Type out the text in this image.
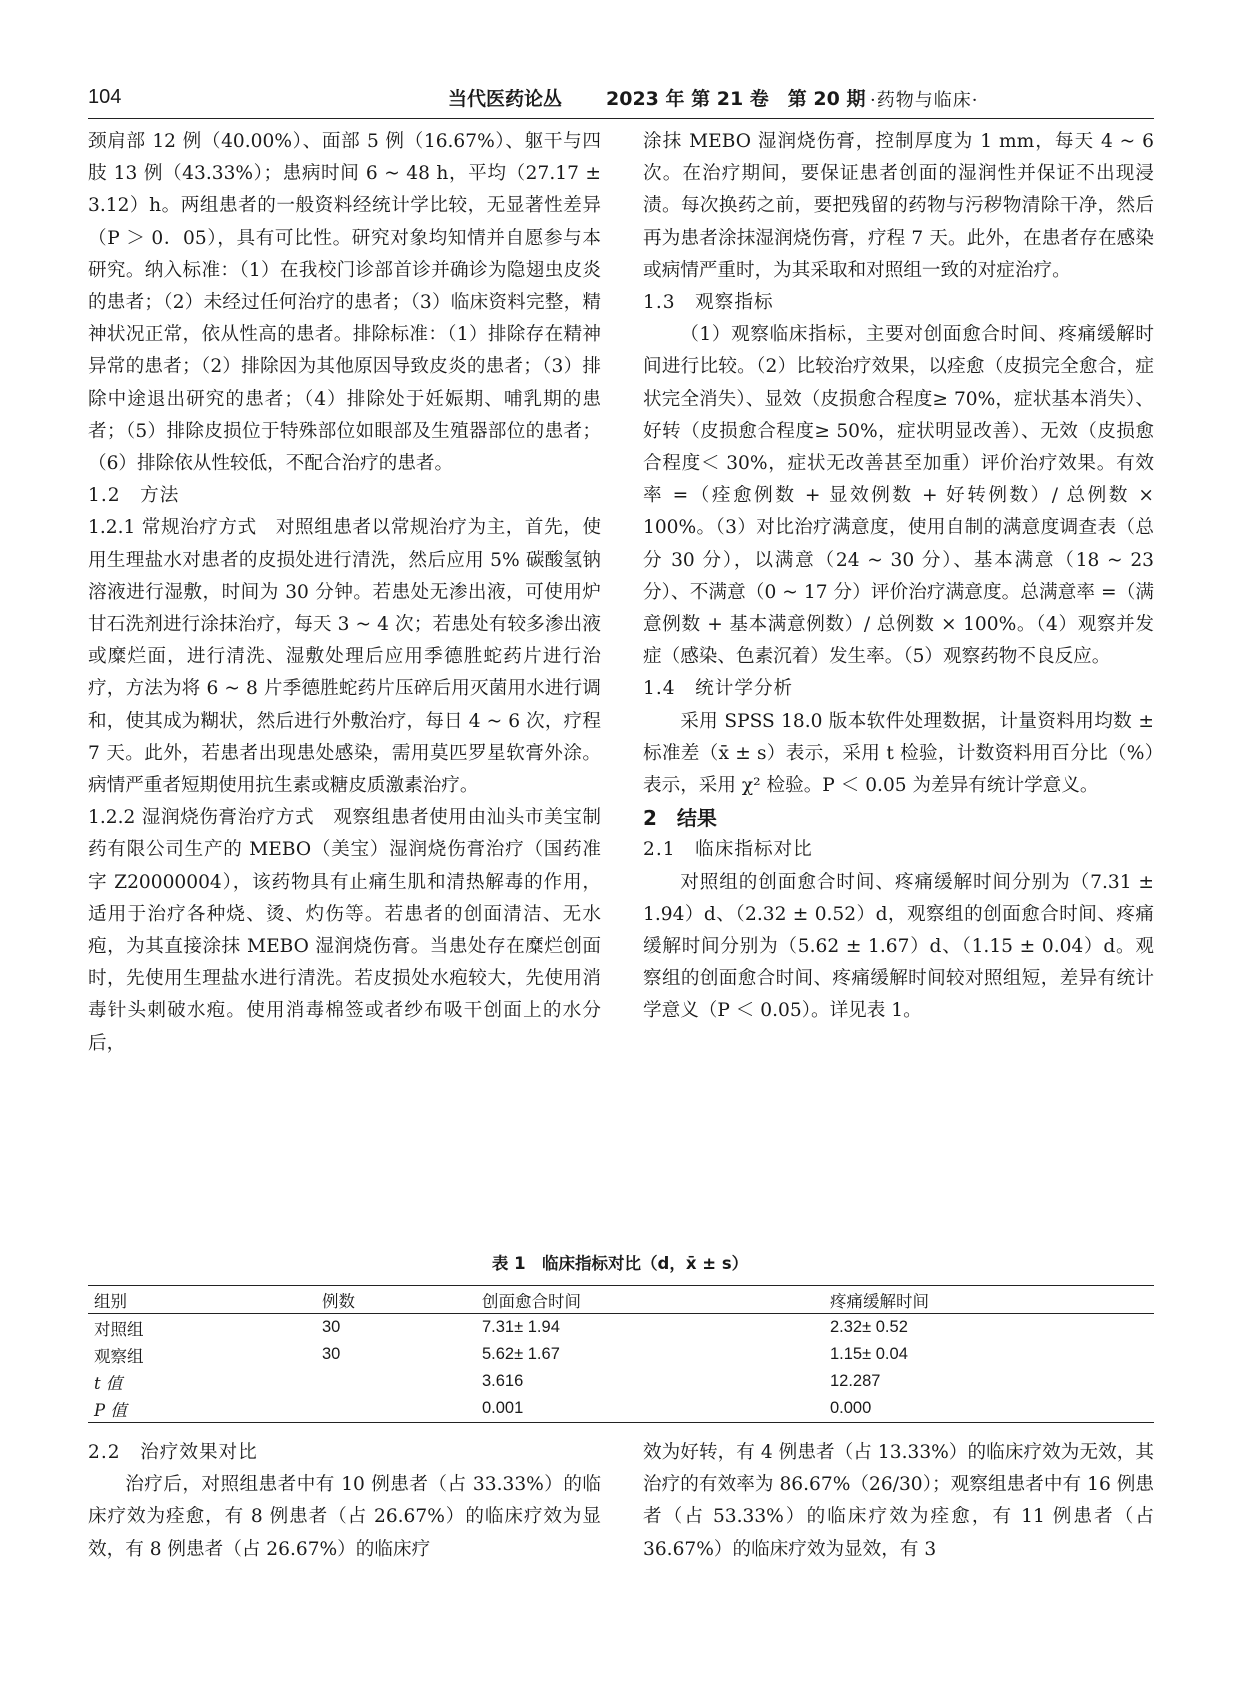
104	当代医药论丛 2023 年 第 21 卷　第 20 期 ·药物与临床·

颈肩部 12 例（40.00%）、面部 5 例（16.67%）、躯干与四肢 13 例（43.33%）；患病时间 6 ~ 48 h，平均（27.17 ± 3.12）h。两组患者的一般资料经统计学比较，无显著性差异（P ＞ 0．05），具有可比性。研究对象均知情并自愿参与本研究。纳入标准：（1）在我校门诊部首诊并确诊为隐翅虫皮炎的患者；（2）未经过任何治疗的患者；（3）临床资料完整，精神状况正常，依从性高的患者。排除标准：（1）排除存在精神异常的患者；（2）排除因为其他原因导致皮炎的患者；（3）排除中途退出研究的患者；（4）排除处于妊娠期、哺乳期的患者；（5）排除皮损位于特殊部位如眼部及生殖器部位的患者；（6）排除依从性较低，不配合治疗的患者。

1.2　方法

1.2.1 常规治疗方式　对照组患者以常规治疗为主，首先，使用生理盐水对患者的皮损处进行清洗，然后应用 5% 碳酸氢钠溶液进行湿敷，时间为 30 分钟。若患处无渗出液，可使用炉甘石洗剂进行涂抹治疗，每天 3 ~ 4 次；若患处有较多渗出液或糜烂面，进行清洗、湿敷处理后应用季德胜蛇药片进行治疗，方法为将 6 ~ 8 片季德胜蛇药片压碎后用灭菌用水进行调和，使其成为糊状，然后进行外敷治疗，每日 4 ~ 6 次，疗程 7 天。此外，若患者出现患处感染，需用莫匹罗星软膏外涂。病情严重者短期使用抗生素或糖皮质激素治疗。

1.2.2 湿润烧伤膏治疗方式　观察组患者使用由汕头市美宝制药有限公司生产的 MEBO（美宝）湿润烧伤膏治疗（国药准字 Z20000004），该药物具有止痛生肌和清热解毒的作用，适用于治疗各种烧、烫、灼伤等。若患者的创面清洁、无水疱，为其直接涂抹 MEBO 湿润烧伤膏。当患处存在糜烂创面时，先使用生理盐水进行清洗。若皮损处水疱较大，先使用消毒针头刺破水疱。使用消毒棉签或者纱布吸干创面上的水分后，

涂抹 MEBO 湿润烧伤膏，控制厚度为 1 mm，每天 4 ~ 6 次。在治疗期间，要保证患者创面的湿润性并保证不出现浸渍。每次换药之前，要把残留的药物与污秽物清除干净，然后再为患者涂抹湿润烧伤膏，疗程 7 天。此外，在患者存在感染或病情严重时，为其采取和对照组一致的对症治疗。

1.3　观察指标

（1）观察临床指标，主要对创面愈合时间、疼痛缓解时间进行比较。（2）比较治疗效果，以痊愈（皮损完全愈合，症状完全消失）、显效（皮损愈合程度≥ 70%，症状基本消失）、好转（皮损愈合程度≥ 50%，症状明显改善）、无效（皮损愈合程度＜ 30%，症状无改善甚至加重）评价治疗效果。有效率 =（痊愈例数 + 显效例数 + 好转例数）/ 总例数 × 100%。（3）对比治疗满意度，使用自制的满意度调查表（总分 30 分），以满意（24 ~ 30 分）、基本满意（18 ~ 23 分）、不满意（0 ~ 17 分）评价治疗满意度。总满意率 =（满意例数 + 基本满意例数）/ 总例数 × 100%。（4）观察并发症（感染、色素沉着）发生率。（5）观察药物不良反应。

1.4　统计学分析

采用 SPSS 18.0 版本软件处理数据，计量资料用均数 ± 标准差（x̄ ± s）表示，采用 t 检验，计数资料用百分比（%）表示，采用 χ² 检验。P ＜ 0.05 为差异有统计学意义。

2　结果

2.1　临床指标对比

对照组的创面愈合时间、疼痛缓解时间分别为（7.31 ± 1.94）d、（2.32 ± 0.52）d，观察组的创面愈合时间、疼痛缓解时间分别为（5.62 ± 1.67）d、（1.15 ± 0.04）d。观察组的创面愈合时间、疼痛缓解时间较对照组短，差异有统计学意义（P ＜ 0.05）。详见表 1。

表 1　临床指标对比（d，x̄ ± s）
组别	例数	创面愈合时间	疼痛缓解时间
对照组	30	7.31± 1.94	2.32± 0.52
观察组	30	5.62± 1.67	1.15± 0.04
t 值		3.616	12.287
P 值		0.001	0.000

2.2　治疗效果对比

治疗后，对照组患者中有 10 例患者（占 33.33%）的临床疗效为痊愈，有 8 例患者（占 26.67%）的临床疗效为显效，有 8 例患者（占 26.67%）的临床疗

效为好转，有 4 例患者（占 13.33%）的临床疗效为无效，其治疗的有效率为 86.67%（26/30）；观察组患者中有 16 例患者（占 53.33%）的临床疗效为痊愈，有 11 例患者（占 36.67%）的临床疗效为显效，有 3
